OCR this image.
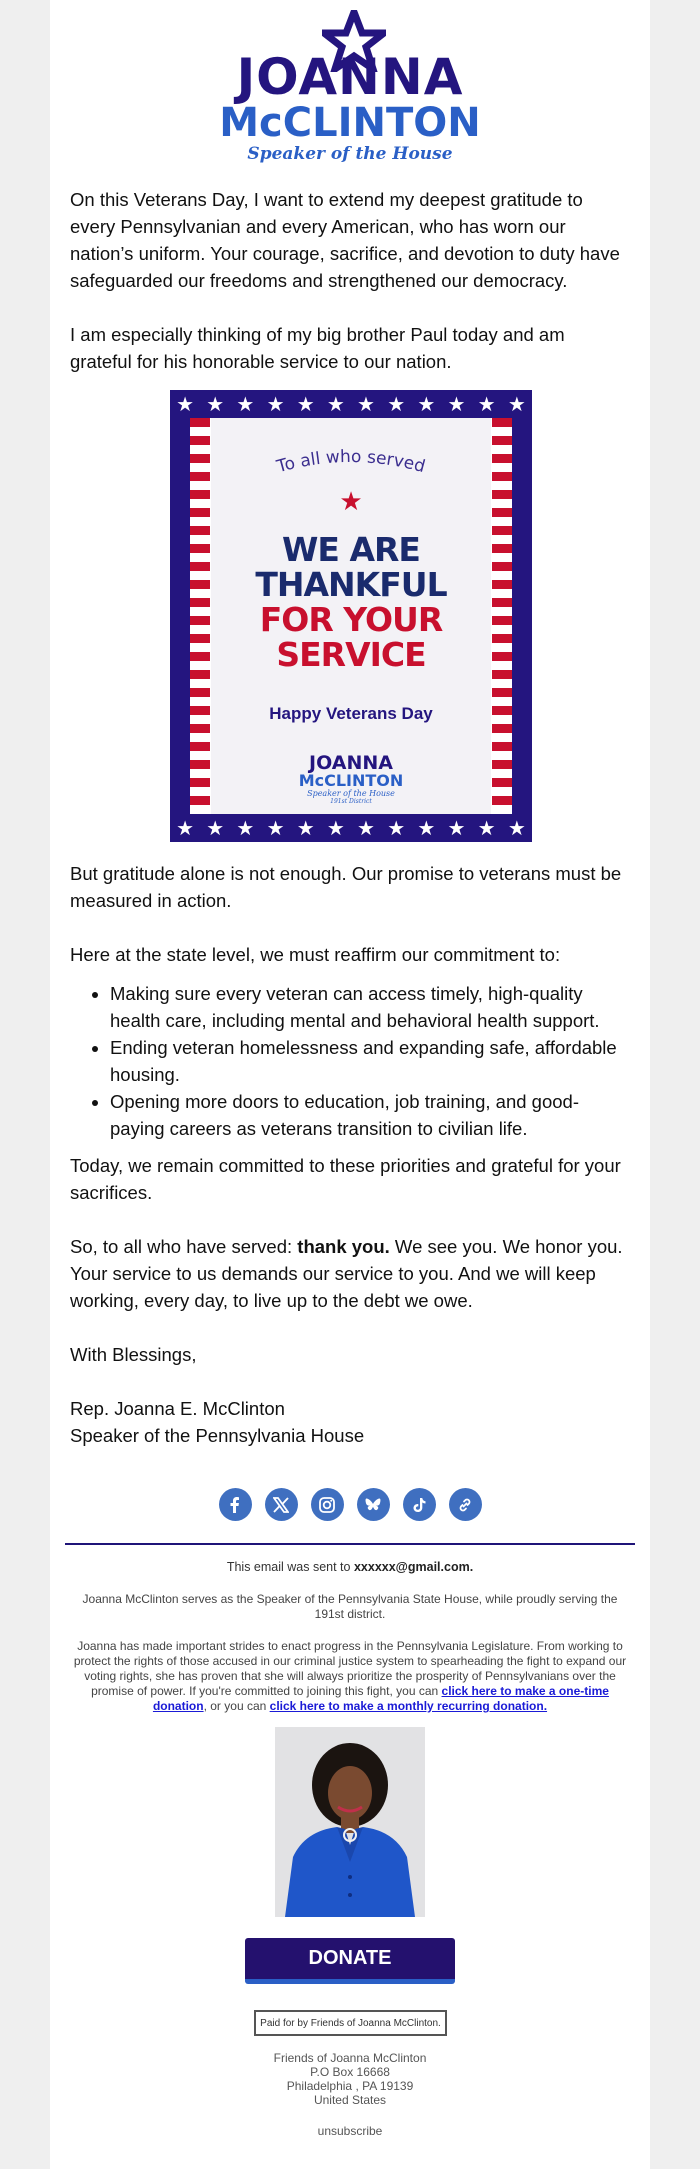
JOANNA
McCLINTON
Speaker of the House

On this Veterans Day, I want to extend my deepest gratitude to every Pennsylvanian and every American, who has worn our nation’s uniform. Your courage, sacrifice, and devotion to duty have safeguarded our freedoms and strengthened our democracy.

I am especially thinking of my big brother Paul today and am grateful for his honorable service to our nation.

★ ★ ★ ★ ★ ★ ★ ★ ★ ★ ★ ★
★ ★ ★ ★ ★ ★ ★ ★ ★ ★ ★ ★
To all who served
★
WE ARE
THANKFUL
FOR YOUR
SERVICE
Happy Veterans Day
JOANNA
McCLINTON
Speaker of the House
191st District

But gratitude alone is not enough. Our promise to veterans must be measured in action.

Here at the state level, we must reaffirm our commitment to:

• Making sure every veteran can access timely, high-quality health care, including mental and behavioral health support.
• Ending veteran homelessness and expanding safe, affordable housing.
• Opening more doors to education, job training, and good-paying careers as veterans transition to civilian life.

Today, we remain committed to these priorities and grateful for your sacrifices.

So, to all who have served: thank you. We see you. We honor you. Your service to us demands our service to you. And we will keep working, every day, to live up to the debt we owe.

With Blessings,

Rep. Joanna E. McClinton

Speaker of the Pennsylvania House

This email was sent to xxxxxx@gmail.com.
Joanna McClinton serves as the Speaker of the Pennsylvania State House, while proudly serving the 191st district.
Joanna has made important strides to enact progress in the Pennsylvania Legislature. From working to protect the rights of those accused in our criminal justice system to spearheading the fight to expand our voting rights, she has proven that she will always prioritize the prosperity of Pennsylvanians over the promise of power. If you're committed to joining this fight, you can click here to make a one-time donation, or you can click here to make a monthly recurring donation.
DONATE
Paid for by Friends of Joanna McClinton.
Friends of Joanna McClinton
P.O Box 16668
Philadelphia , PA 19139
United States
unsubscribe
